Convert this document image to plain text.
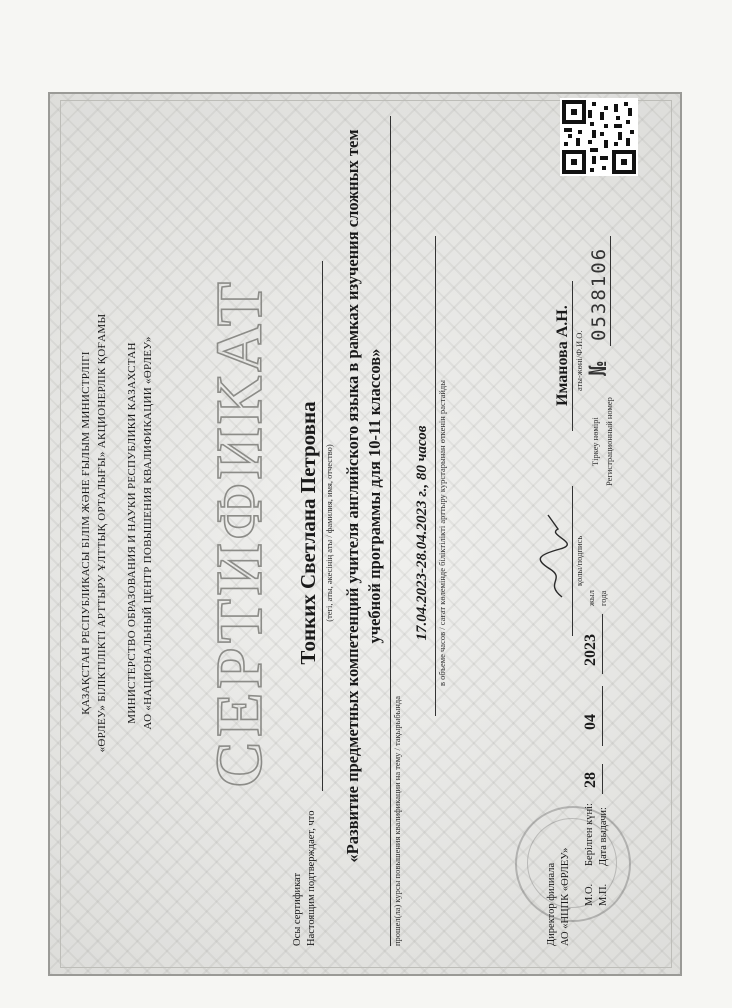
ҚАЗАҚСТАН РЕСПУБЛИКАСЫ БІЛІМ ЖӘНЕ ҒЫЛЫМ МИНИСТРЛІГІ «ӨРЛЕУ» БІЛІКТІЛІКТІ АРТТЫРУ ҰЛТТЫҚ ОРТАЛЫҒЫ» АКЦИОНЕРЛІК ҚОҒАМЫ МИНИСТЕРСТВО ОБРАЗОВАНИЯ И НАУКИ РЕСПУБЛИКИ КАЗАХСТАН АО «НАЦИОНАЛЬНЫЙ ЦЕНТР ПОВЫШЕНИЯ КВАЛИФИКАЦИИ «ӨРЛЕУ» СЕРТИФИКАТ
Осы сертификат Настоящим подтверждает, что
Тонких Светлана Петровна (тегі, аты, әкесінің аты / фамилия, имя, отчество) «Развитие предметных компетенций учителя английского языка в рамках изучения сложных тем учебной программы для 10-11 классов»
прошел(ла) курсы повышения квалификации на тему / тақырыбында
17.04.2023-28.04.2023 г., 80 часов в объеме часов / сағат көлемінде біліктілікті арттыру курстарынан өткенін растайды
Директор филиала АО «НЦПК «ӨРЛЕУ»
қолы/подпись
Иманова А.Н. аты-жөні/Ф.И.О.
М.О. М.П.
Берілген күні: Дата выдачи:
28
04
2023
жыл года
Тіркеу нөмірі Регистрационный номер
№
0538106
